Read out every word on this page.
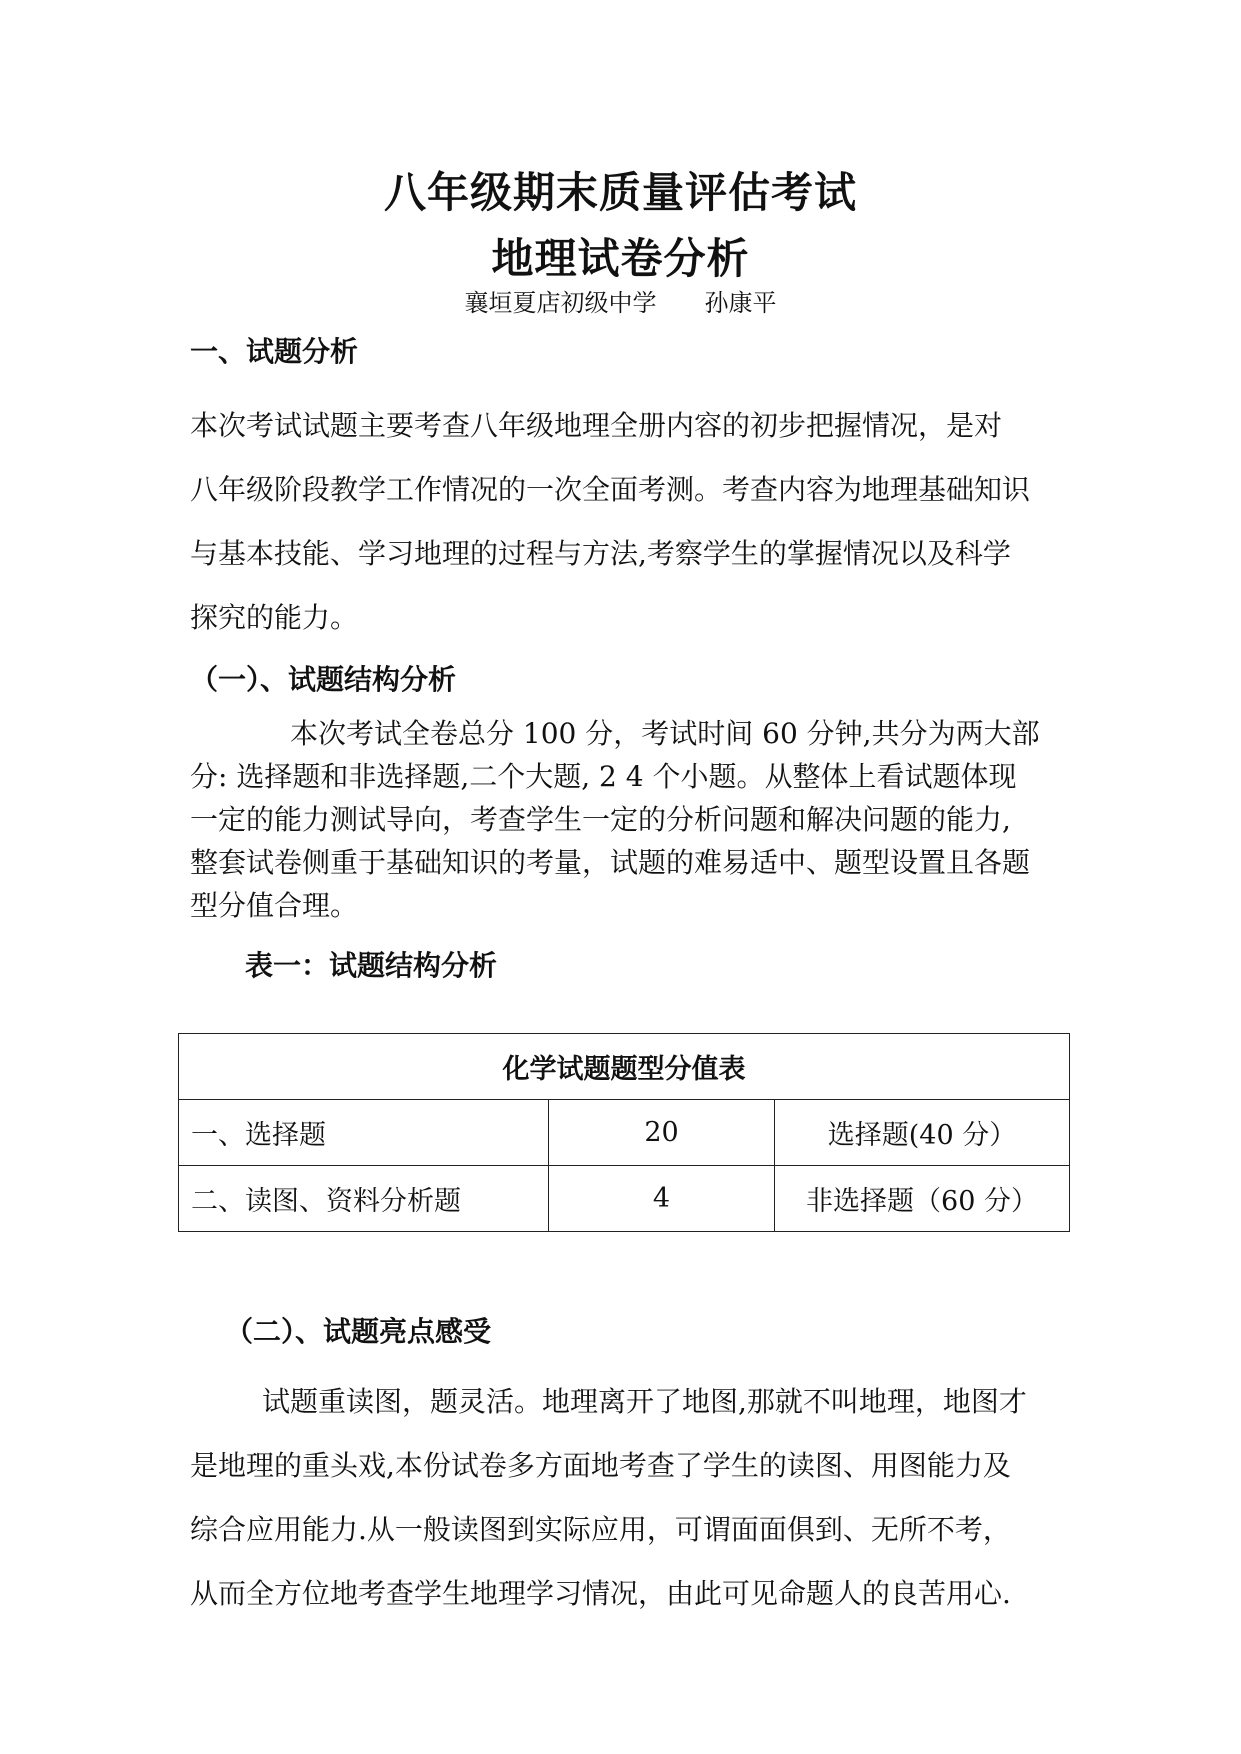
八年级期末质量评估考试
地理试卷分析
襄垣夏店初级中学　　孙康平
一、试题分析
本次考试试题主要考查八年级地理全册内容的初步把握情况，是对
八年级阶段教学工作情况的一次全面考测。考查内容为地理基础知识
与基本技能、学习地理的过程与方法,考察学生的掌握情况以及科学
探究的能力。
（一）、试题结构分析
本次考试全卷总分 100 分，考试时间 60 分钟,共分为两大部
分: 选择题和非选择题,二个大题, 2 4 个小题。从整体上看试题体现
一定的能力测试导向，考查学生一定的分析问题和解决问题的能力,
整套试卷侧重于基础知识的考量，试题的难易适中、题型设置且各题
型分值合理。
表一：试题结构分析
化学试题题型分值表		
一、选择题	20	选择题(40 分）
二、读图、资料分析题	4	非选择题（60 分）
（二）、试题亮点感受
试题重读图，题灵活。地理离开了地图,那就不叫地理，地图才
是地理的重头戏,本份试卷多方面地考查了学生的读图、用图能力及
综合应用能力.从一般读图到实际应用，可谓面面俱到、无所不考，
从而全方位地考查学生地理学习情况，由此可见命题人的良苦用心.
